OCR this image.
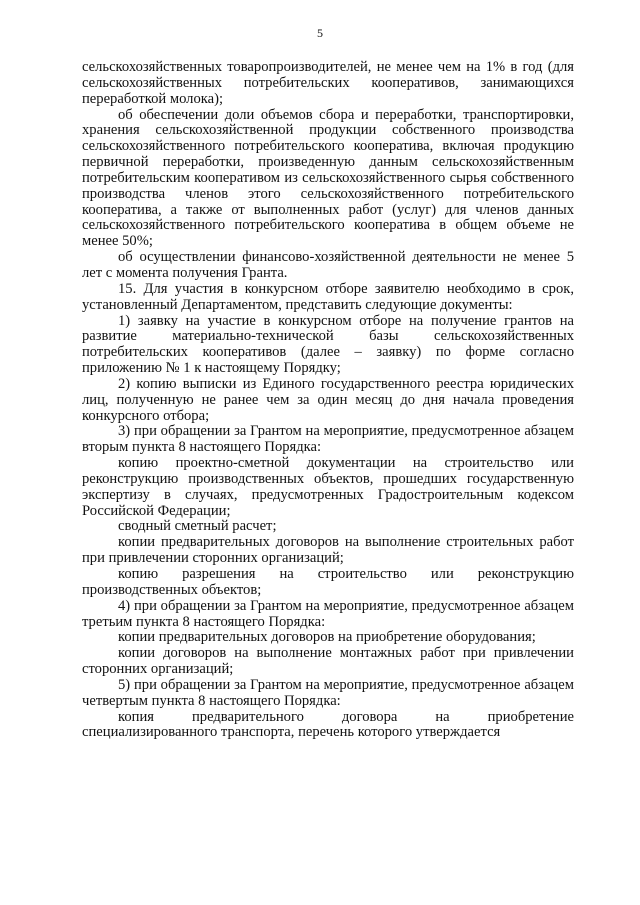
5

сельскохозяйственных товаропроизводителей, не менее чем на 1% в год (для сельскохозяйственных потребительских кооперативов, занимающихся переработкой молока);

об обеспечении доли объемов сбора и переработки, транспортировки, хранения сельскохозяйственной продукции собственного производства сельскохозяйственного потребительского кооператива, включая продукцию первичной переработки, произведенную данным сельскохозяйственным потребительским кооперативом из сельскохозяйственного сырья собственного производства членов этого сельскохозяйственного потребительского кооператива, а также от выполненных работ (услуг) для членов данных сельскохозяйственного потребительского кооператива в общем объеме не менее 50%;

об осуществлении финансово-хозяйственной деятельности не менее 5 лет с момента получения Гранта.

15. Для участия в конкурсном отборе заявителю необходимо в срок, установленный Департаментом, представить следующие документы:

1) заявку на участие в конкурсном отборе на получение грантов на развитие материально-технической базы сельскохозяйственных потребительских кооперативов (далее – заявку) по форме согласно приложению № 1 к настоящему Порядку;

2) копию выписки из Единого государственного реестра юридических лиц, полученную не ранее чем за один месяц до дня начала проведения конкурсного отбора;

3) при обращении за Грантом на мероприятие, предусмотренное абзацем вторым пункта 8 настоящего Порядка:

копию проектно-сметной документации на строительство или реконструкцию производственных объектов, прошедших государственную экспертизу в случаях, предусмотренных Градостроительным кодексом Российской Федерации;

сводный сметный расчет;

копии предварительных договоров на выполнение строительных работ при привлечении сторонних организаций;

копию разрешения на строительство или реконструкцию производственных объектов;

4) при обращении за Грантом на мероприятие, предусмотренное абзацем третьим пункта 8 настоящего Порядка:

копии предварительных договоров на приобретение оборудования;

копии договоров на выполнение монтажных работ при привлечении сторонних организаций;

5) при обращении за Грантом на мероприятие, предусмотренное абзацем четвертым пункта 8 настоящего Порядка:

копия предварительного договора на приобретение специализированного транспорта, перечень которого утверждается
